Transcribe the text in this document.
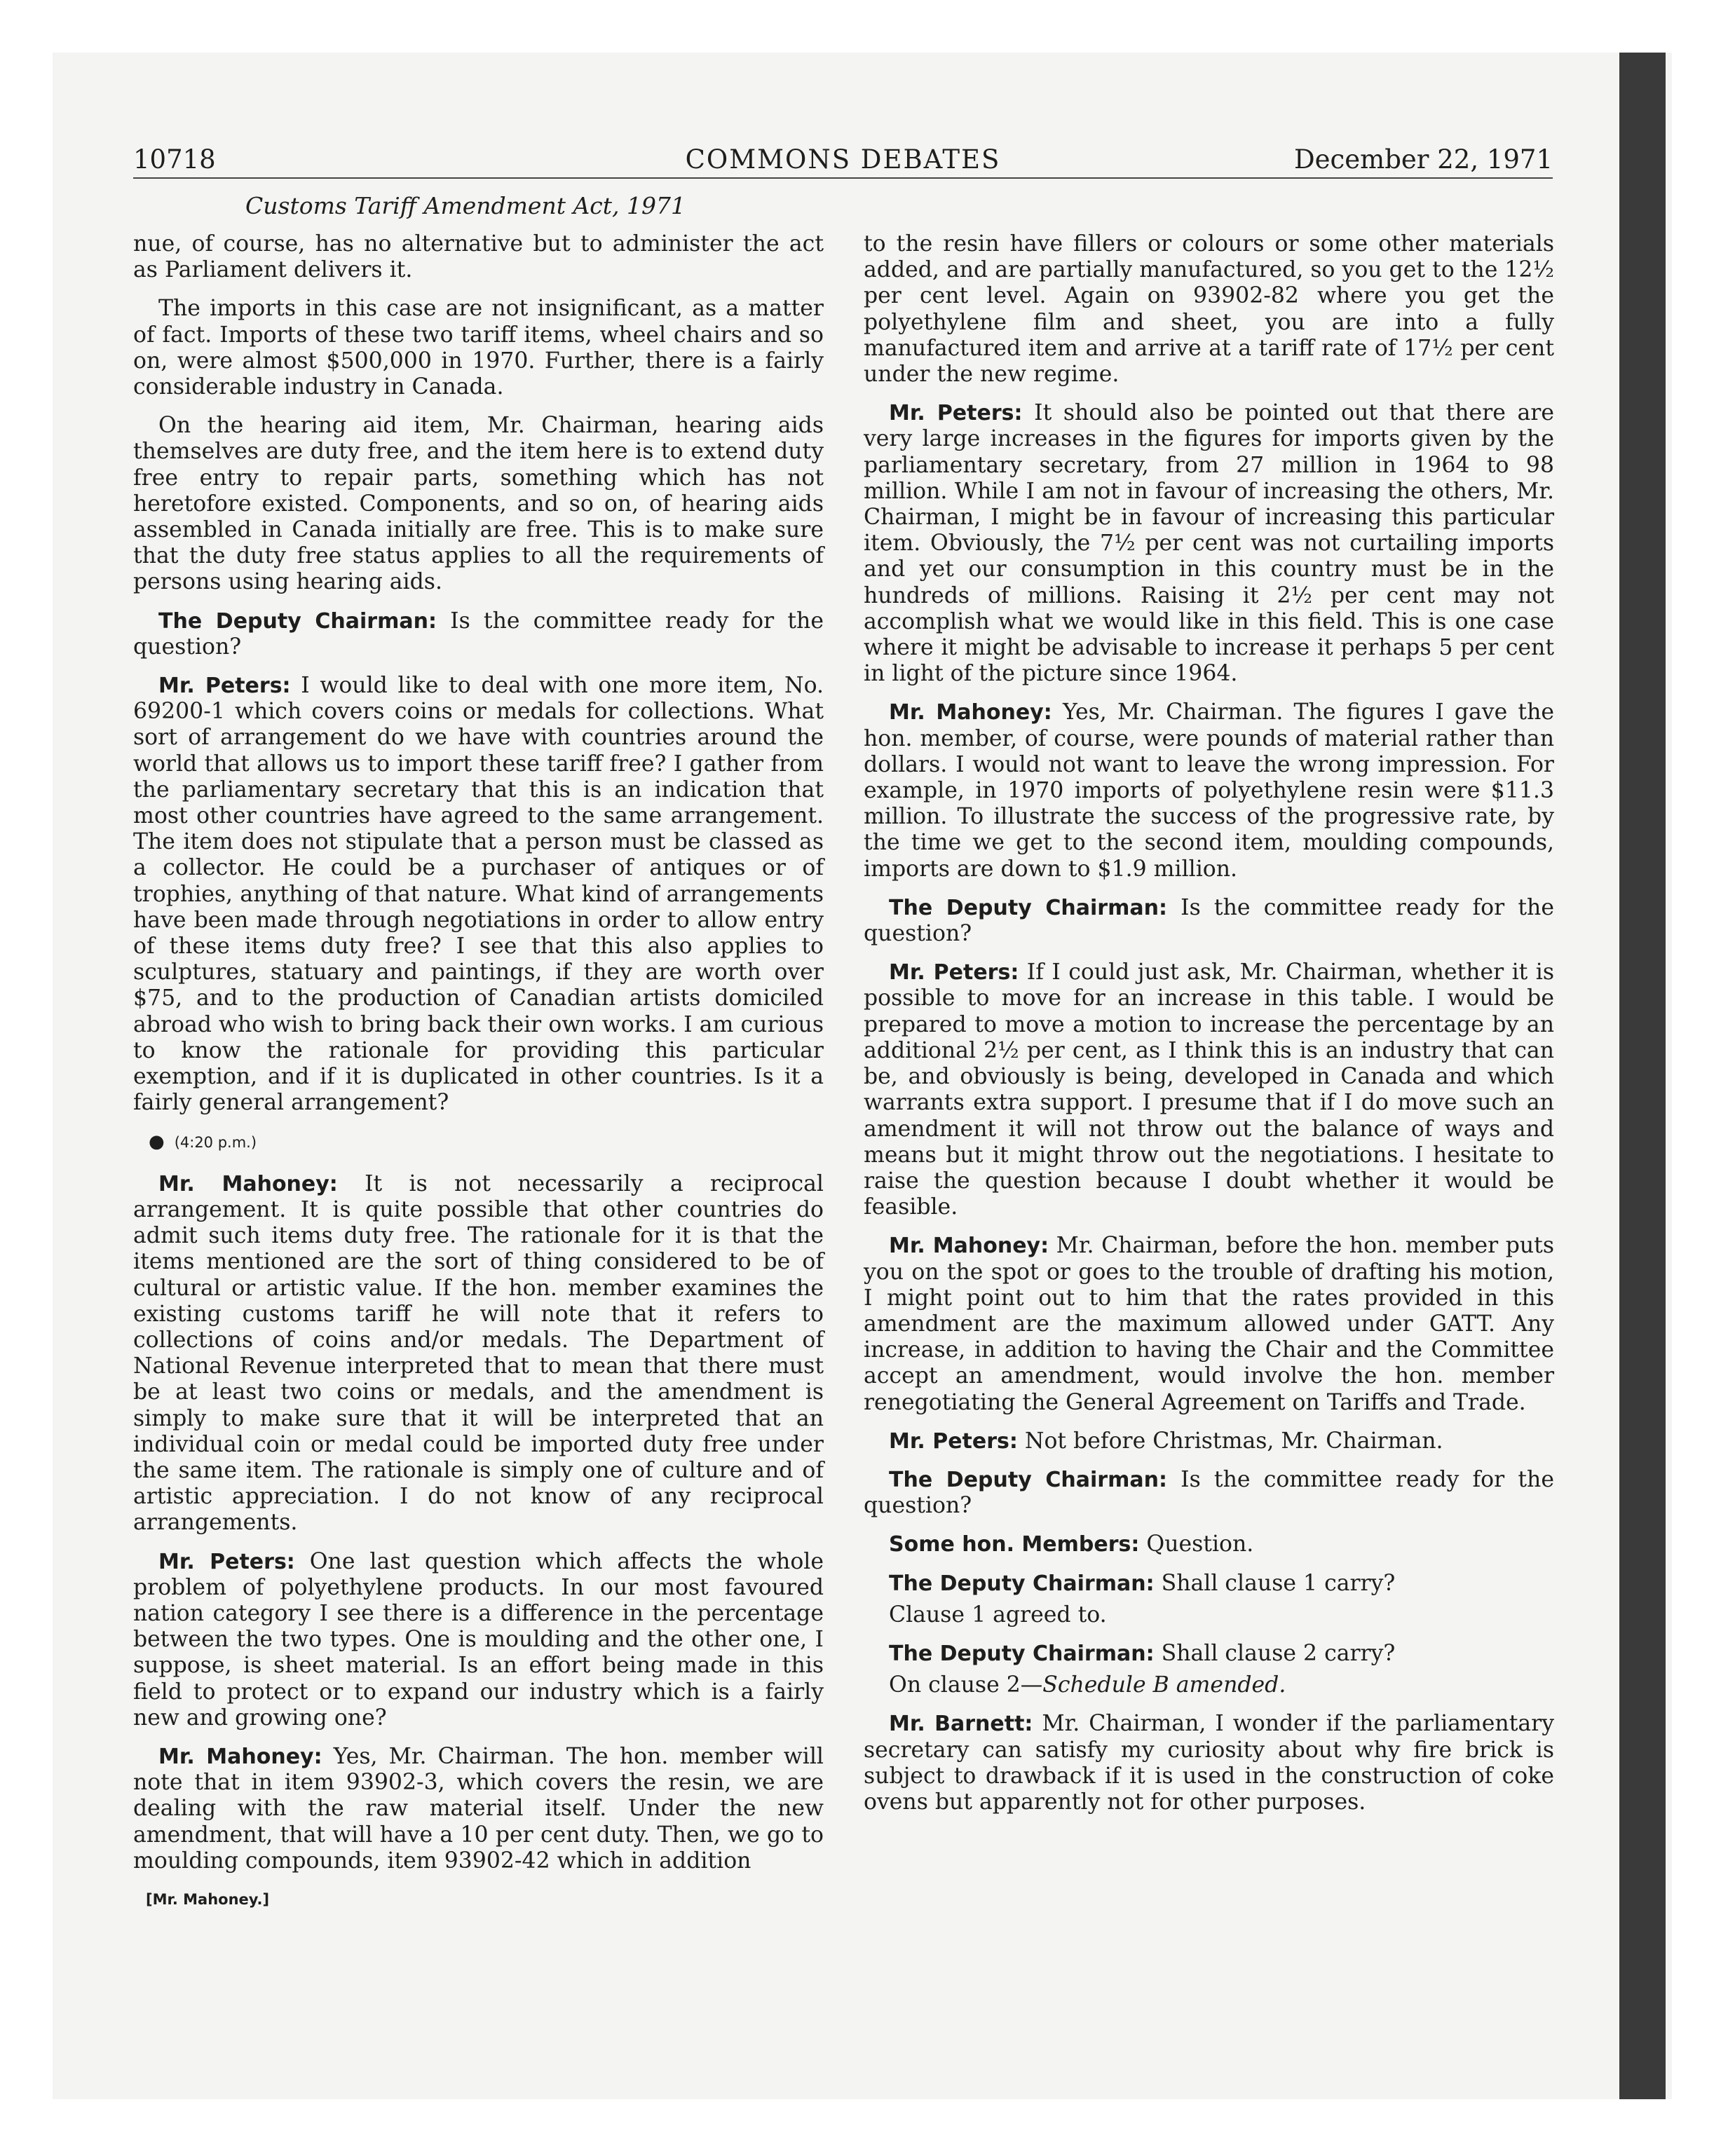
10718	COMMONS DEBATES	December 22, 1971
Customs Tariff Amendment Act, 1971

nue, of course, has no alternative but to administer the act as Parliament delivers it.

The imports in this case are not insignificant, as a matter of fact. Imports of these two tariff items, wheel chairs and so on, were almost $500,000 in 1970. Further, there is a fairly considerable industry in Canada.

On the hearing aid item, Mr. Chairman, hearing aids themselves are duty free, and the item here is to extend duty free entry to repair parts, something which has not heretofore existed. Components, and so on, of hearing aids assembled in Canada initially are free. This is to make sure that the duty free status applies to all the requirements of persons using hearing aids.

The Deputy Chairman: Is the committee ready for the question?

Mr. Peters: I would like to deal with one more item, No. 69200-1 which covers coins or medals for collections. What sort of arrangement do we have with countries around the world that allows us to import these tariff free? I gather from the parliamentary secretary that this is an indication that most other countries have agreed to the same arrangement. The item does not stipulate that a person must be classed as a collector. He could be a purchaser of antiques or of trophies, anything of that nature. What kind of arrangements have been made through negotiations in order to allow entry of these items duty free? I see that this also applies to sculptures, statuary and paintings, if they are worth over $75, and to the production of Canadian artists domiciled abroad who wish to bring back their own works. I am curious to know the rationale for providing this particular exemption, and if it is duplicated in other countries. Is it a fairly general arrangement?

● (4:20 p.m.)

Mr. Mahoney: It is not necessarily a reciprocal arrangement. It is quite possible that other countries do admit such items duty free. The rationale for it is that the items mentioned are the sort of thing considered to be of cultural or artistic value. If the hon. member examines the existing customs tariff he will note that it refers to collections of coins and/or medals. The Department of National Revenue interpreted that to mean that there must be at least two coins or medals, and the amendment is simply to make sure that it will be interpreted that an individual coin or medal could be imported duty free under the same item. The rationale is simply one of culture and of artistic appreciation. I do not know of any reciprocal arrangements.

Mr. Peters: One last question which affects the whole problem of polyethylene products. In our most favoured nation category I see there is a difference in the percentage between the two types. One is moulding and the other one, I suppose, is sheet material. Is an effort being made in this field to protect or to expand our industry which is a fairly new and growing one?

Mr. Mahoney: Yes, Mr. Chairman. The hon. member will note that in item 93902-3, which covers the resin, we are dealing with the raw material itself. Under the new amendment, that will have a 10 per cent duty. Then, we go to moulding compounds, item 93902-42 which in addition

[Mr. Mahoney.]

to the resin have fillers or colours or some other materials added, and are partially manufactured, so you get to the 12½ per cent level. Again on 93902-82 where you get the polyethylene film and sheet, you are into a fully manufactured item and arrive at a tariff rate of 17½ per cent under the new regime.

Mr. Peters: It should also be pointed out that there are very large increases in the figures for imports given by the parliamentary secretary, from 27 million in 1964 to 98 million. While I am not in favour of increasing the others, Mr. Chairman, I might be in favour of increasing this particular item. Obviously, the 7½ per cent was not curtailing imports and yet our consumption in this country must be in the hundreds of millions. Raising it 2½ per cent may not accomplish what we would like in this field. This is one case where it might be advisable to increase it perhaps 5 per cent in light of the picture since 1964.

Mr. Mahoney: Yes, Mr. Chairman. The figures I gave the hon. member, of course, were pounds of material rather than dollars. I would not want to leave the wrong impression. For example, in 1970 imports of polyethylene resin were $11.3 million. To illustrate the success of the progressive rate, by the time we get to the second item, moulding compounds, imports are down to $1.9 million.

The Deputy Chairman: Is the committee ready for the question?

Mr. Peters: If I could just ask, Mr. Chairman, whether it is possible to move for an increase in this table. I would be prepared to move a motion to increase the percentage by an additional 2½ per cent, as I think this is an industry that can be, and obviously is being, developed in Canada and which warrants extra support. I presume that if I do move such an amendment it will not throw out the balance of ways and means but it might throw out the negotiations. I hesitate to raise the question because I doubt whether it would be feasible.

Mr. Mahoney: Mr. Chairman, before the hon. member puts you on the spot or goes to the trouble of drafting his motion, I might point out to him that the rates provided in this amendment are the maximum allowed under GATT. Any increase, in addition to having the Chair and the Committee accept an amendment, would involve the hon. member renegotiating the General Agreement on Tariffs and Trade.

Mr. Peters: Not before Christmas, Mr. Chairman.

The Deputy Chairman: Is the committee ready for the question?

Some hon. Members: Question.

The Deputy Chairman: Shall clause 1 carry?

Clause 1 agreed to.

The Deputy Chairman: Shall clause 2 carry?

On clause 2—Schedule B amended.

Mr. Barnett: Mr. Chairman, I wonder if the parliamentary secretary can satisfy my curiosity about why fire brick is subject to drawback if it is used in the construction of coke ovens but apparently not for other purposes.
